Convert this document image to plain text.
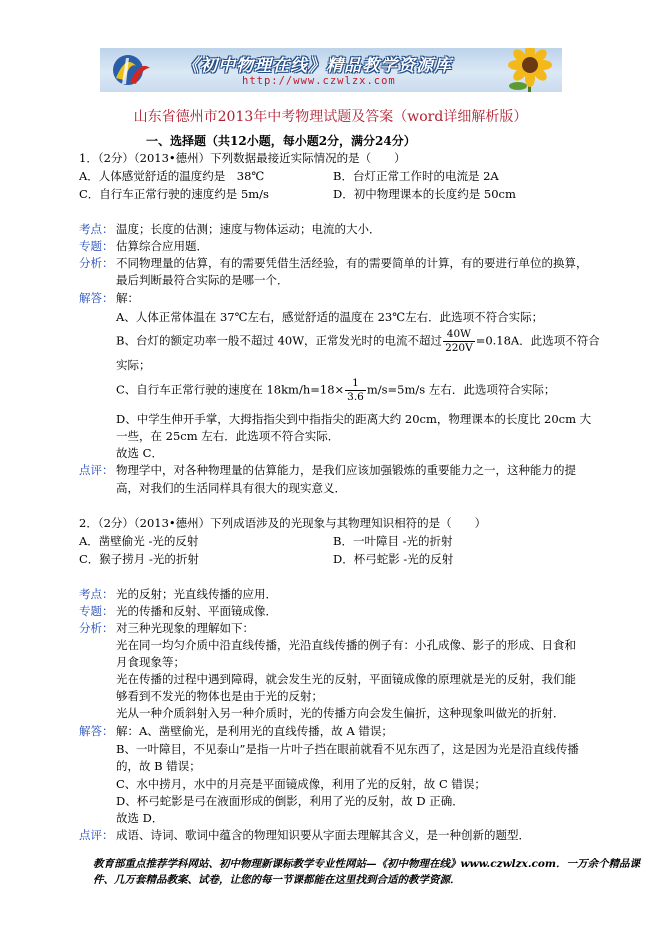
《初中物理在线》精品教学资源库
http://www.czwlzx.com
山东省德州市2013年中考物理试题及答案（word详细解析版）
一、选择题（共12小题，每小题2分，满分24分）
1．（2分）（2013•德州）下列数据最接近实际情况的是（　　）
A．人体感觉舒适的温度约是　38℃	B．台灯正常工作时的电流是 2A
C．自行车正常行驶的速度约是 5m/s	D．初中物理课本的长度约是 50cm
考点： 温度；长度的估测；速度与物体运动；电流的大小．
专题： 估算综合应用题．
分析： 不同物理量的估算，有的需要凭借生活经验，有的需要简单的计算，有的要进行单位的换算，
最后判断最符合实际的是哪一个．
解答： 解：
A、人体正常体温在 37℃左右，感觉舒适的温度在 23℃左右．此选项不符合实际；
B、台灯的额定功率一般不超过 40W，正常发光时的电流不超过 $\frac{40W}{220V} =0.18A$．此选项不符合
实际；
C、自行车正常行驶的速度在 $18km/h=18\times \frac{1}{3.6} m/s=5m/s$ 左右．此选项符合实际；
D、中学生伸开手掌，大拇指指尖到中指指尖的距离大约 20cm，物理课本的长度比 20cm 大
一些，在 25cm 左右．此选项不符合实际．
故选 C．
点评： 物理学中，对各种物理量的估算能力，是我们应该加强锻炼的重要能力之一，这种能力的提
高，对我们的生活同样具有很大的现实意义．
2．（2分）（2013•德州）下列成语涉及的光现象与其物理知识相符的是（　　）
A．凿壁偷光 -光的反射	B．一叶障目 -光的折射
C．猴子捞月 -光的折射	D．杯弓蛇影 -光的反射
考点： 光的反射；光直线传播的应用．
专题： 光的传播和反射、平面镜成像．
分析： 对三种光现象的理解如下：
光在同一均匀介质中沿直线传播，光沿直线传播的例子有：小孔成像、影子的形成、日食和
月食现象等；
光在传播的过程中遇到障碍，就会发生光的反射，平面镜成像的原理就是光的反射，我们能
够看到不发光的物体也是由于光的反射；
光从一种介质斜射入另一种介质时，光的传播方向会发生偏折，这种现象叫做光的折射．
解答： 解：A、凿壁偷光，是利用光的直线传播，故 A 错误；
B、一叶障目，不见泰山”是指一片叶子挡在眼前就看不见东西了，这是因为光是沿直线传播
的，故 B 错误；
C、水中捞月，水中的月亮是平面镜成像，利用了光的反射，故 C 错误；
D、杯弓蛇影是弓在液面形成的倒影，利用了光的反射，故 D 正确．
故选 D．
点评： 成语、诗词、歌词中蕴含的物理知识要从字面去理解其含义，是一种创新的题型．
教育部重点推荐学科网站、初中物理新课标教学专业性网站—《初中物理在线》www.czwlzx.com．一万余个精品课
件、几万套精品教案、试卷，让您的每一节课都能在这里找到合适的教学资源．
